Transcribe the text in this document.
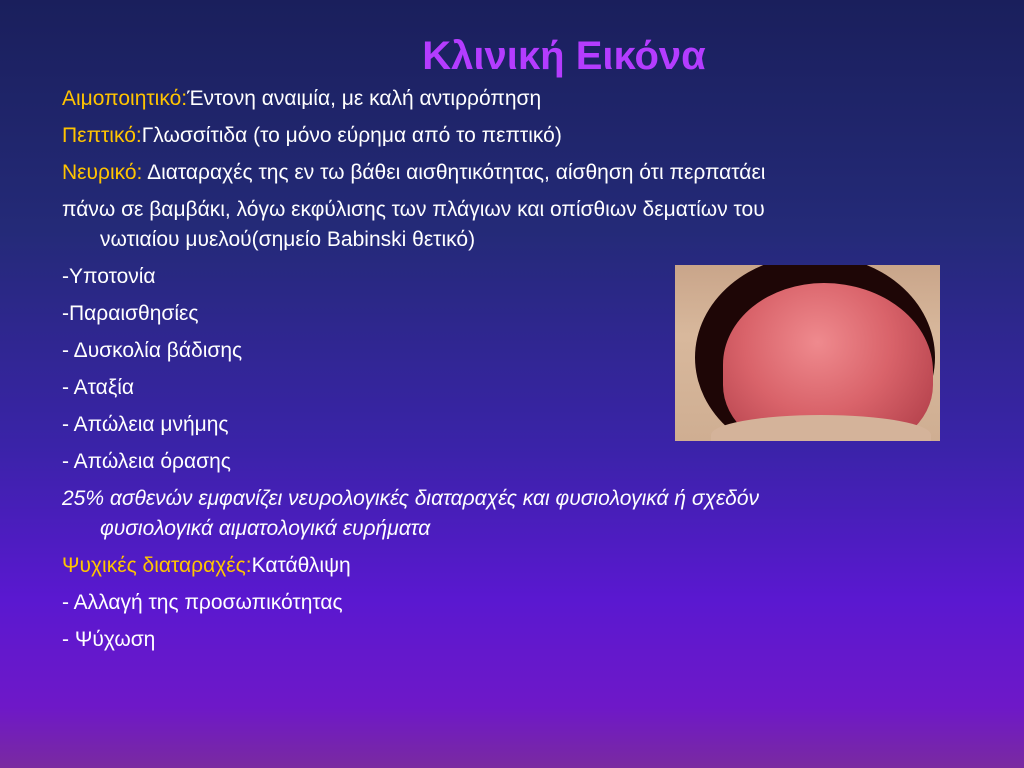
Κλινική Εικόνα
Αιμοποιητικό:Έντονη αναιμία, με καλή αντιρρόπηση
Πεπτικό:Γλωσσίτιδα (το μόνο εύρημα από το πεπτικό)
Νευρικό: Διαταραχές της εν τω βάθει αισθητικότητας, αίσθηση ότι περπατάει
πάνω σε βαμβάκι, λόγω εκφύλισης των πλάγιων και οπίσθιων δεματίων του
νωτιαίου μυελού(σημείο Babinski θετικό)
-Υποτονία
-Παραισθησίες
- Δυσκολία βάδισης
- Αταξία
- Απώλεια μνήμης
- Απώλεια όρασης
25% ασθενών εμφανίζει νευρολογικές διαταραχές και φυσιολογικά ή σχεδόν
φυσιολογικά αιματολογικά ευρήματα
Ψυχικές διαταραχές:Κατάθλιψη
- Αλλαγή της προσωπικότητας
- Ψύχωση
